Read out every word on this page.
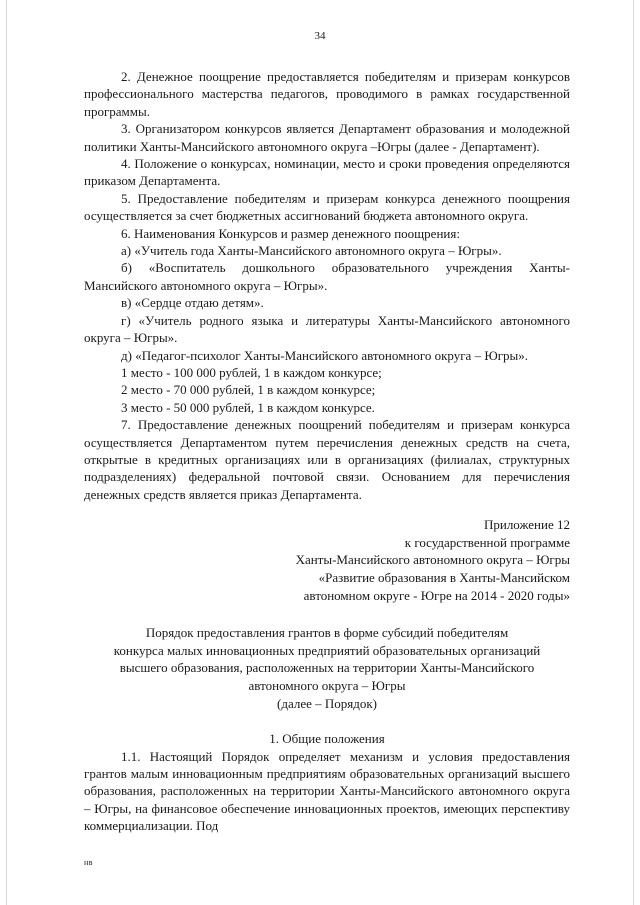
34

2. Денежное поощрение предоставляется победителям и призерам конкурсов профессионального мастерства педагогов, проводимого в рамках государственной программы.

3. Организатором конкурсов является Департамент образования и молодежной политики Ханты-Мансийского автономного округа –Югры (далее - Департамент).

4. Положение о конкурсах, номинации, место и сроки проведения определяются приказом Департамента.

5. Предоставление победителям и призерам конкурса денежного поощрения осуществляется за счет бюджетных ассигнований бюджета автономного округа.

6. Наименования Конкурсов и размер денежного поощрения:

а) «Учитель года Ханты-Мансийского автономного округа – Югры».

б) «Воспитатель дошкольного образовательного учреждения Ханты-Мансийского автономного округа – Югры».

в) «Сердце отдаю детям».

г) «Учитель родного языка и литературы Ханты-Мансийского автономного округа – Югры».

д) «Педагог-психолог Ханты-Мансийского автономного округа – Югры».

1 место - 100 000 рублей, 1 в каждом конкурсе;

2 место - 70 000 рублей, 1 в каждом конкурсе;

3 место - 50 000 рублей, 1 в каждом конкурсе.

7. Предоставление денежных поощрений победителям и призерам конкурса осуществляется Департаментом путем перечисления денежных средств на счета, открытые в кредитных организациях или в организациях (филиалах, структурных подразделениях) федеральной почтовой связи. Основанием для перечисления денежных средств является приказ Департамента.

Приложение 12
к государственной программе
Ханты-Мансийского автономного округа – Югры
«Развитие образования в Ханты-Мансийском
автономном округе - Югре на 2014 - 2020 годы»
Порядок предоставления грантов в форме субсидий победителям
конкурса малых инновационных предприятий образовательных организаций
высшего образования, расположенных на территории Ханты-Мансийского
автономного округа – Югры
(далее – Порядок)
1. Общие положения

1.1. Настоящий Порядок определяет механизм и условия предоставления грантов малым инновационным предприятиям образовательных организаций высшего образования, расположенных на территории Ханты-Мансийского автономного округа – Югры, на финансовое обеспечение инновационных проектов, имеющих перспективу коммерциализации. Под

нв
